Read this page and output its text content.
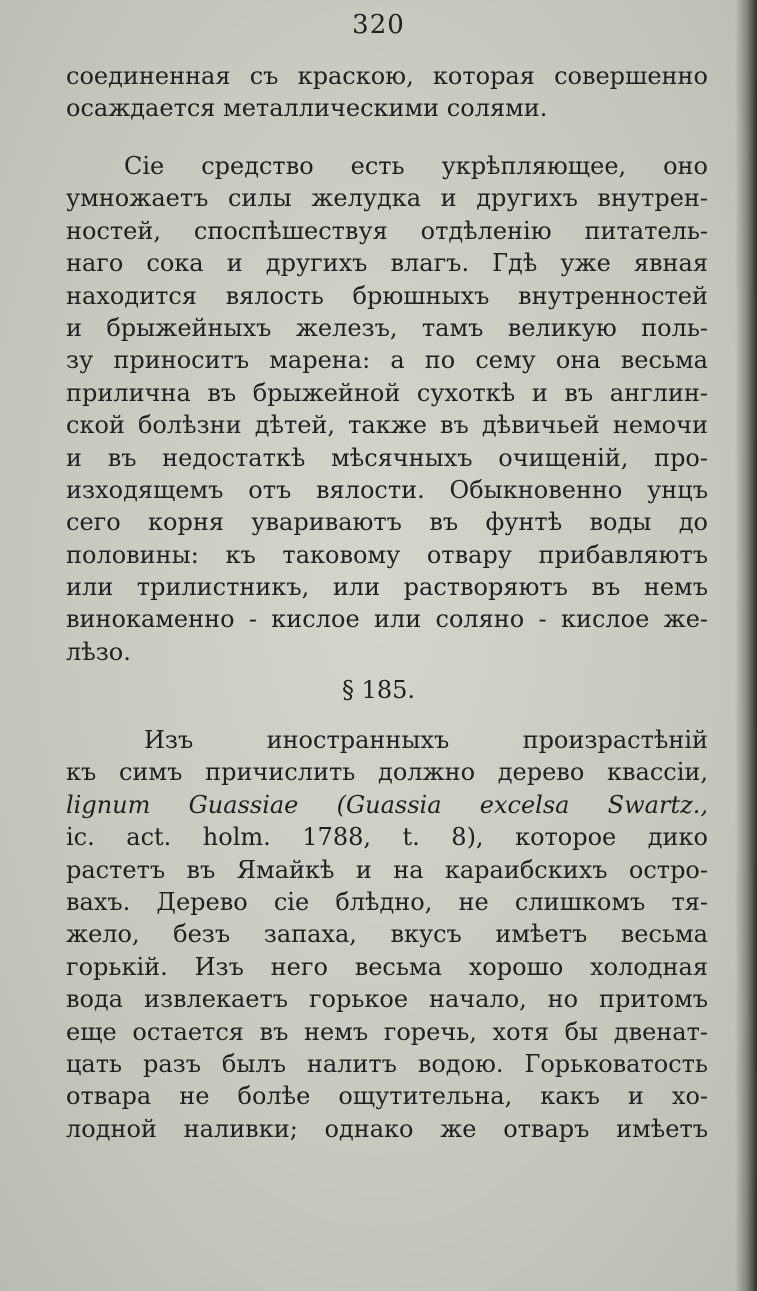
320
соединенная съ краскою, которая совершенно
осаждается металлическими солями.
Сіе средство есть укрѣпляющее, оно
умножаетъ силы желудка и другихъ внутрен-
ностей, споспѣшествуя отдѣленію питатель-
наго сока и другихъ влагъ. Гдѣ уже явная
находится вялость брюшныхъ внутренностей
и брыжейныхъ железъ, тамъ великую поль-
зу приноситъ марена: а по сему она весьма
прилична въ брыжейной сухоткѣ и въ англин-
ской болѣзни дѣтей, также въ дѣвичьей немочи
и въ недостаткѣ мѣсячныхъ очищеній, про-
изходящемъ отъ вялости. Обыкновенно унцъ
сего корня увариваютъ въ фунтѣ воды до
половины: къ таковому отвару прибавляютъ
или трилистникъ, или растворяютъ въ немъ
винокаменно - кислое или соляно - кислое же-
лѣзо.
§ 185.
Изъ иностранныхъ произрастѣній
къ симъ причислить должно дерево квассіи,
lignum Guassiae (Guassia excelsa Swartz.,
ic. act. holm. 1788, t. 8), которое дико
растетъ въ Ямайкѣ и на караибскихъ остро-
вахъ. Дерево сіе блѣдно, не слишкомъ тя-
жело, безъ запаха, вкусъ имѣетъ весьма
горькій. Изъ него весьма хорошо холодная
вода извлекаетъ горькое начало, но притомъ
еще остается въ немъ горечь, хотя бы двенат-
цать разъ былъ налитъ водою. Горьковатость
отвара не болѣе ощутительна, какъ и хо-
лодной наливки; однако же отваръ имѣетъ
